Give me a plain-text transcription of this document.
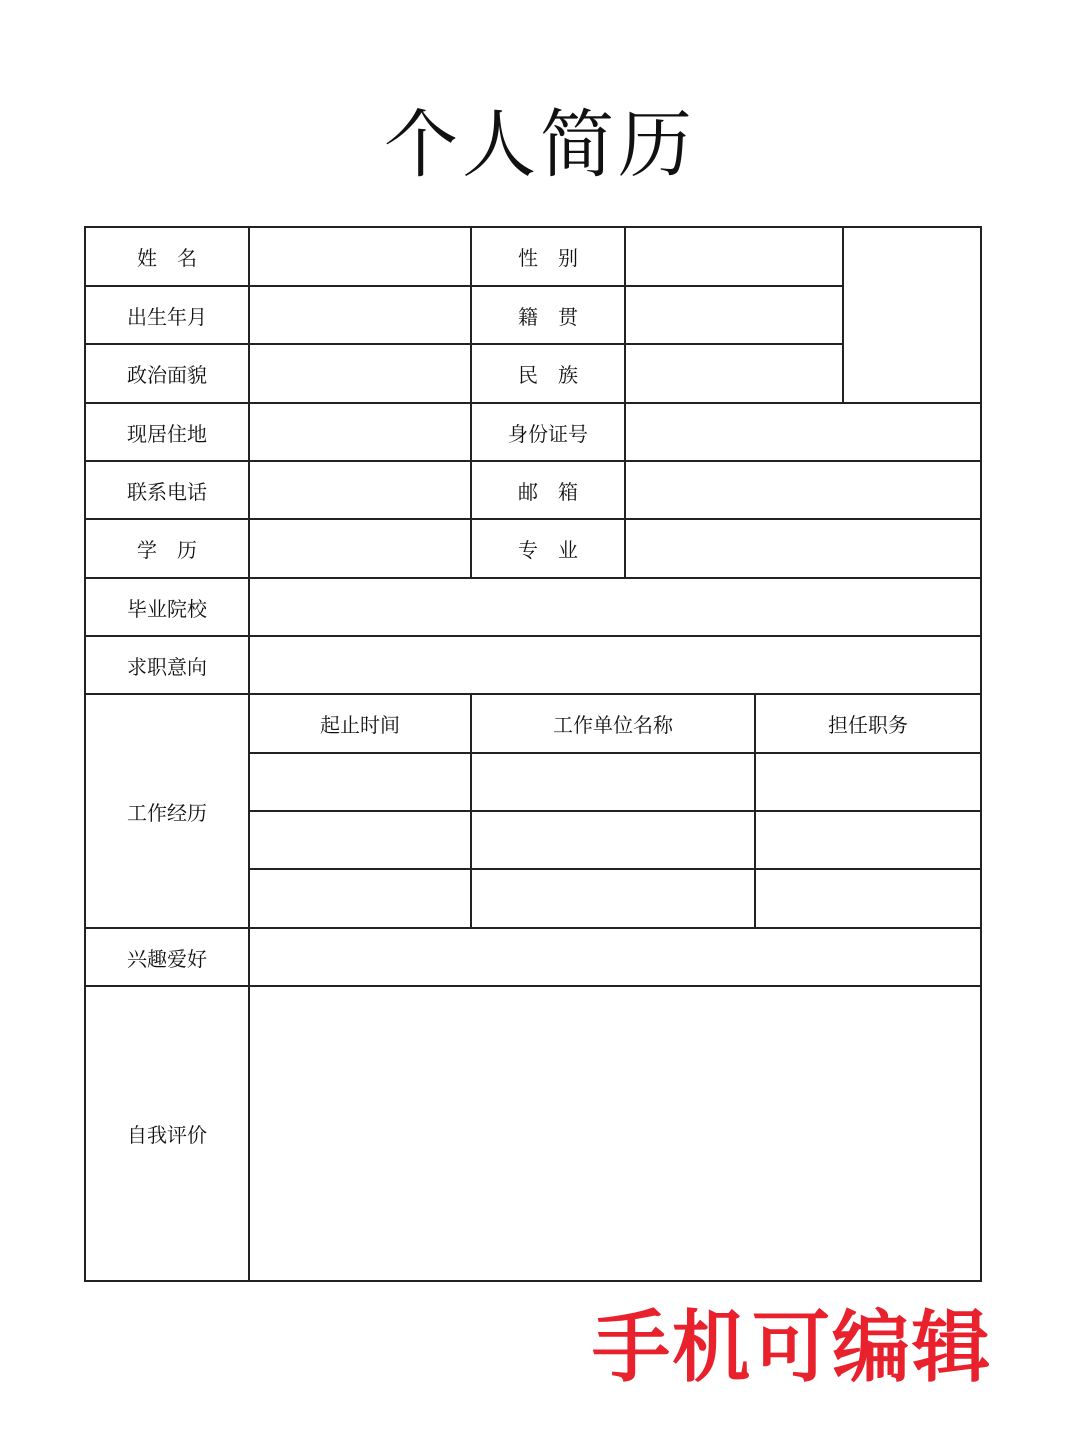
个人简历
姓　名	性　别
出生年月	籍　贯
政治面貌	民　族
现居住地	身份证号
联系电话	邮　箱
学　历	专　业
毕业院校
求职意向
工作经历
起止时间	工作单位名称	担任职务
兴趣爱好
自我评价
手机可编辑
